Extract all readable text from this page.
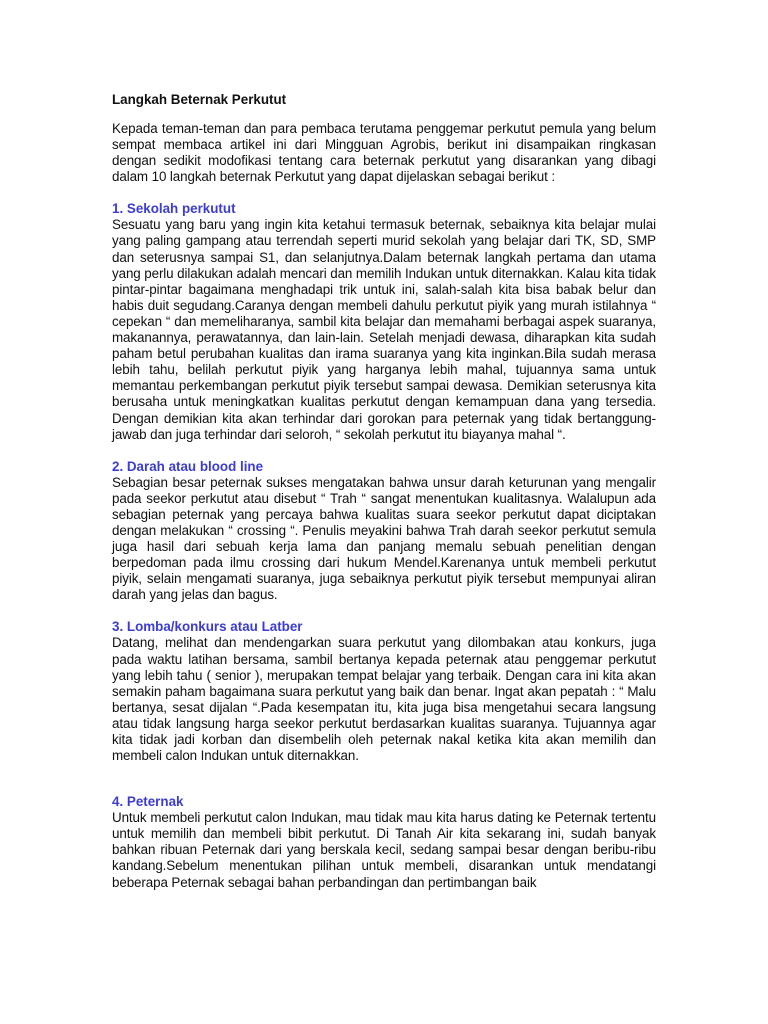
Langkah Beternak Perkutut

Kepada teman-teman dan para pembaca terutama penggemar perkutut pemula yang belum sempat membaca artikel ini dari Mingguan Agrobis, berikut ini disampaikan ringkasan dengan sedikit modofikasi tentang cara beternak perkutut yang disarankan yang dibagi dalam 10 langkah beternak Perkutut yang dapat dijelaskan sebagai berikut :

1. Sekolah perkutut

Sesuatu yang baru yang ingin kita ketahui termasuk beternak, sebaiknya kita belajar mulai yang paling gampang atau terrendah seperti murid sekolah yang belajar dari TK, SD, SMP dan seterusnya sampai S1, dan selanjutnya.Dalam beternak langkah pertama dan utama yang perlu dilakukan adalah mencari dan memilih Indukan untuk diternakkan. Kalau kita tidak pintar-pintar bagaimana menghadapi trik untuk ini, salah-salah kita bisa babak belur dan habis duit segudang.Caranya dengan membeli dahulu perkutut piyik yang murah istilahnya “ cepekan “ dan memeliharanya, sambil kita belajar dan memahami berbagai aspek suaranya, makanannya, perawatannya, dan lain-lain. Setelah menjadi dewasa, diharapkan kita sudah paham betul perubahan kualitas dan irama suaranya yang kita inginkan.Bila sudah merasa lebih tahu, belilah perkutut piyik yang harganya lebih mahal, tujuannya sama untuk memantau perkembangan perkutut piyik tersebut sampai dewasa. Demikian seterusnya kita berusaha untuk meningkatkan kualitas perkutut dengan kemampuan dana yang tersedia. Dengan demikian kita akan terhindar dari gorokan para peternak yang tidak bertanggung-jawab dan juga terhindar dari seloroh, “ sekolah perkutut itu biayanya mahal “.

2. Darah atau blood line

Sebagian besar peternak sukses mengatakan bahwa unsur darah keturunan yang mengalir pada seekor perkutut atau disebut “ Trah “ sangat menentukan kualitasnya. Walalupun ada sebagian peternak yang percaya bahwa kualitas suara seekor perkutut dapat diciptakan dengan melakukan “ crossing “. Penulis meyakini bahwa Trah darah seekor perkutut semula juga hasil dari sebuah kerja lama dan panjang memalu sebuah penelitian dengan berpedoman pada ilmu crossing dari hukum Mendel.Karenanya untuk membeli perkutut piyik, selain mengamati suaranya, juga sebaiknya perkutut piyik tersebut mempunyai aliran darah yang jelas dan bagus.

3. Lomba/konkurs atau Latber

Datang, melihat dan mendengarkan suara perkutut yang dilombakan atau konkurs, juga pada waktu latihan bersama, sambil bertanya kepada peternak atau penggemar perkutut yang lebih tahu ( senior ), merupakan tempat belajar yang terbaik. Dengan cara ini kita akan semakin paham bagaimana suara perkutut yang baik dan benar. Ingat akan pepatah : “ Malu bertanya, sesat dijalan “.Pada kesempatan itu, kita juga bisa mengetahui secara langsung atau tidak langsung harga seekor perkutut berdasarkan kualitas suaranya. Tujuannya agar kita tidak jadi korban dan disembelih oleh peternak nakal ketika kita akan memilih dan membeli calon Indukan untuk diternakkan.

4. Peternak

Untuk membeli perkutut calon Indukan, mau tidak mau kita harus dating ke Peternak tertentu untuk memilih dan membeli bibit perkutut. Di Tanah Air kita sekarang ini, sudah banyak bahkan ribuan Peternak dari yang berskala kecil, sedang sampai besar dengan beribu-ribu kandang.Sebelum menentukan pilihan untuk membeli, disarankan untuk mendatangi beberapa Peternak sebagai bahan perbandingan dan pertimbangan baik
